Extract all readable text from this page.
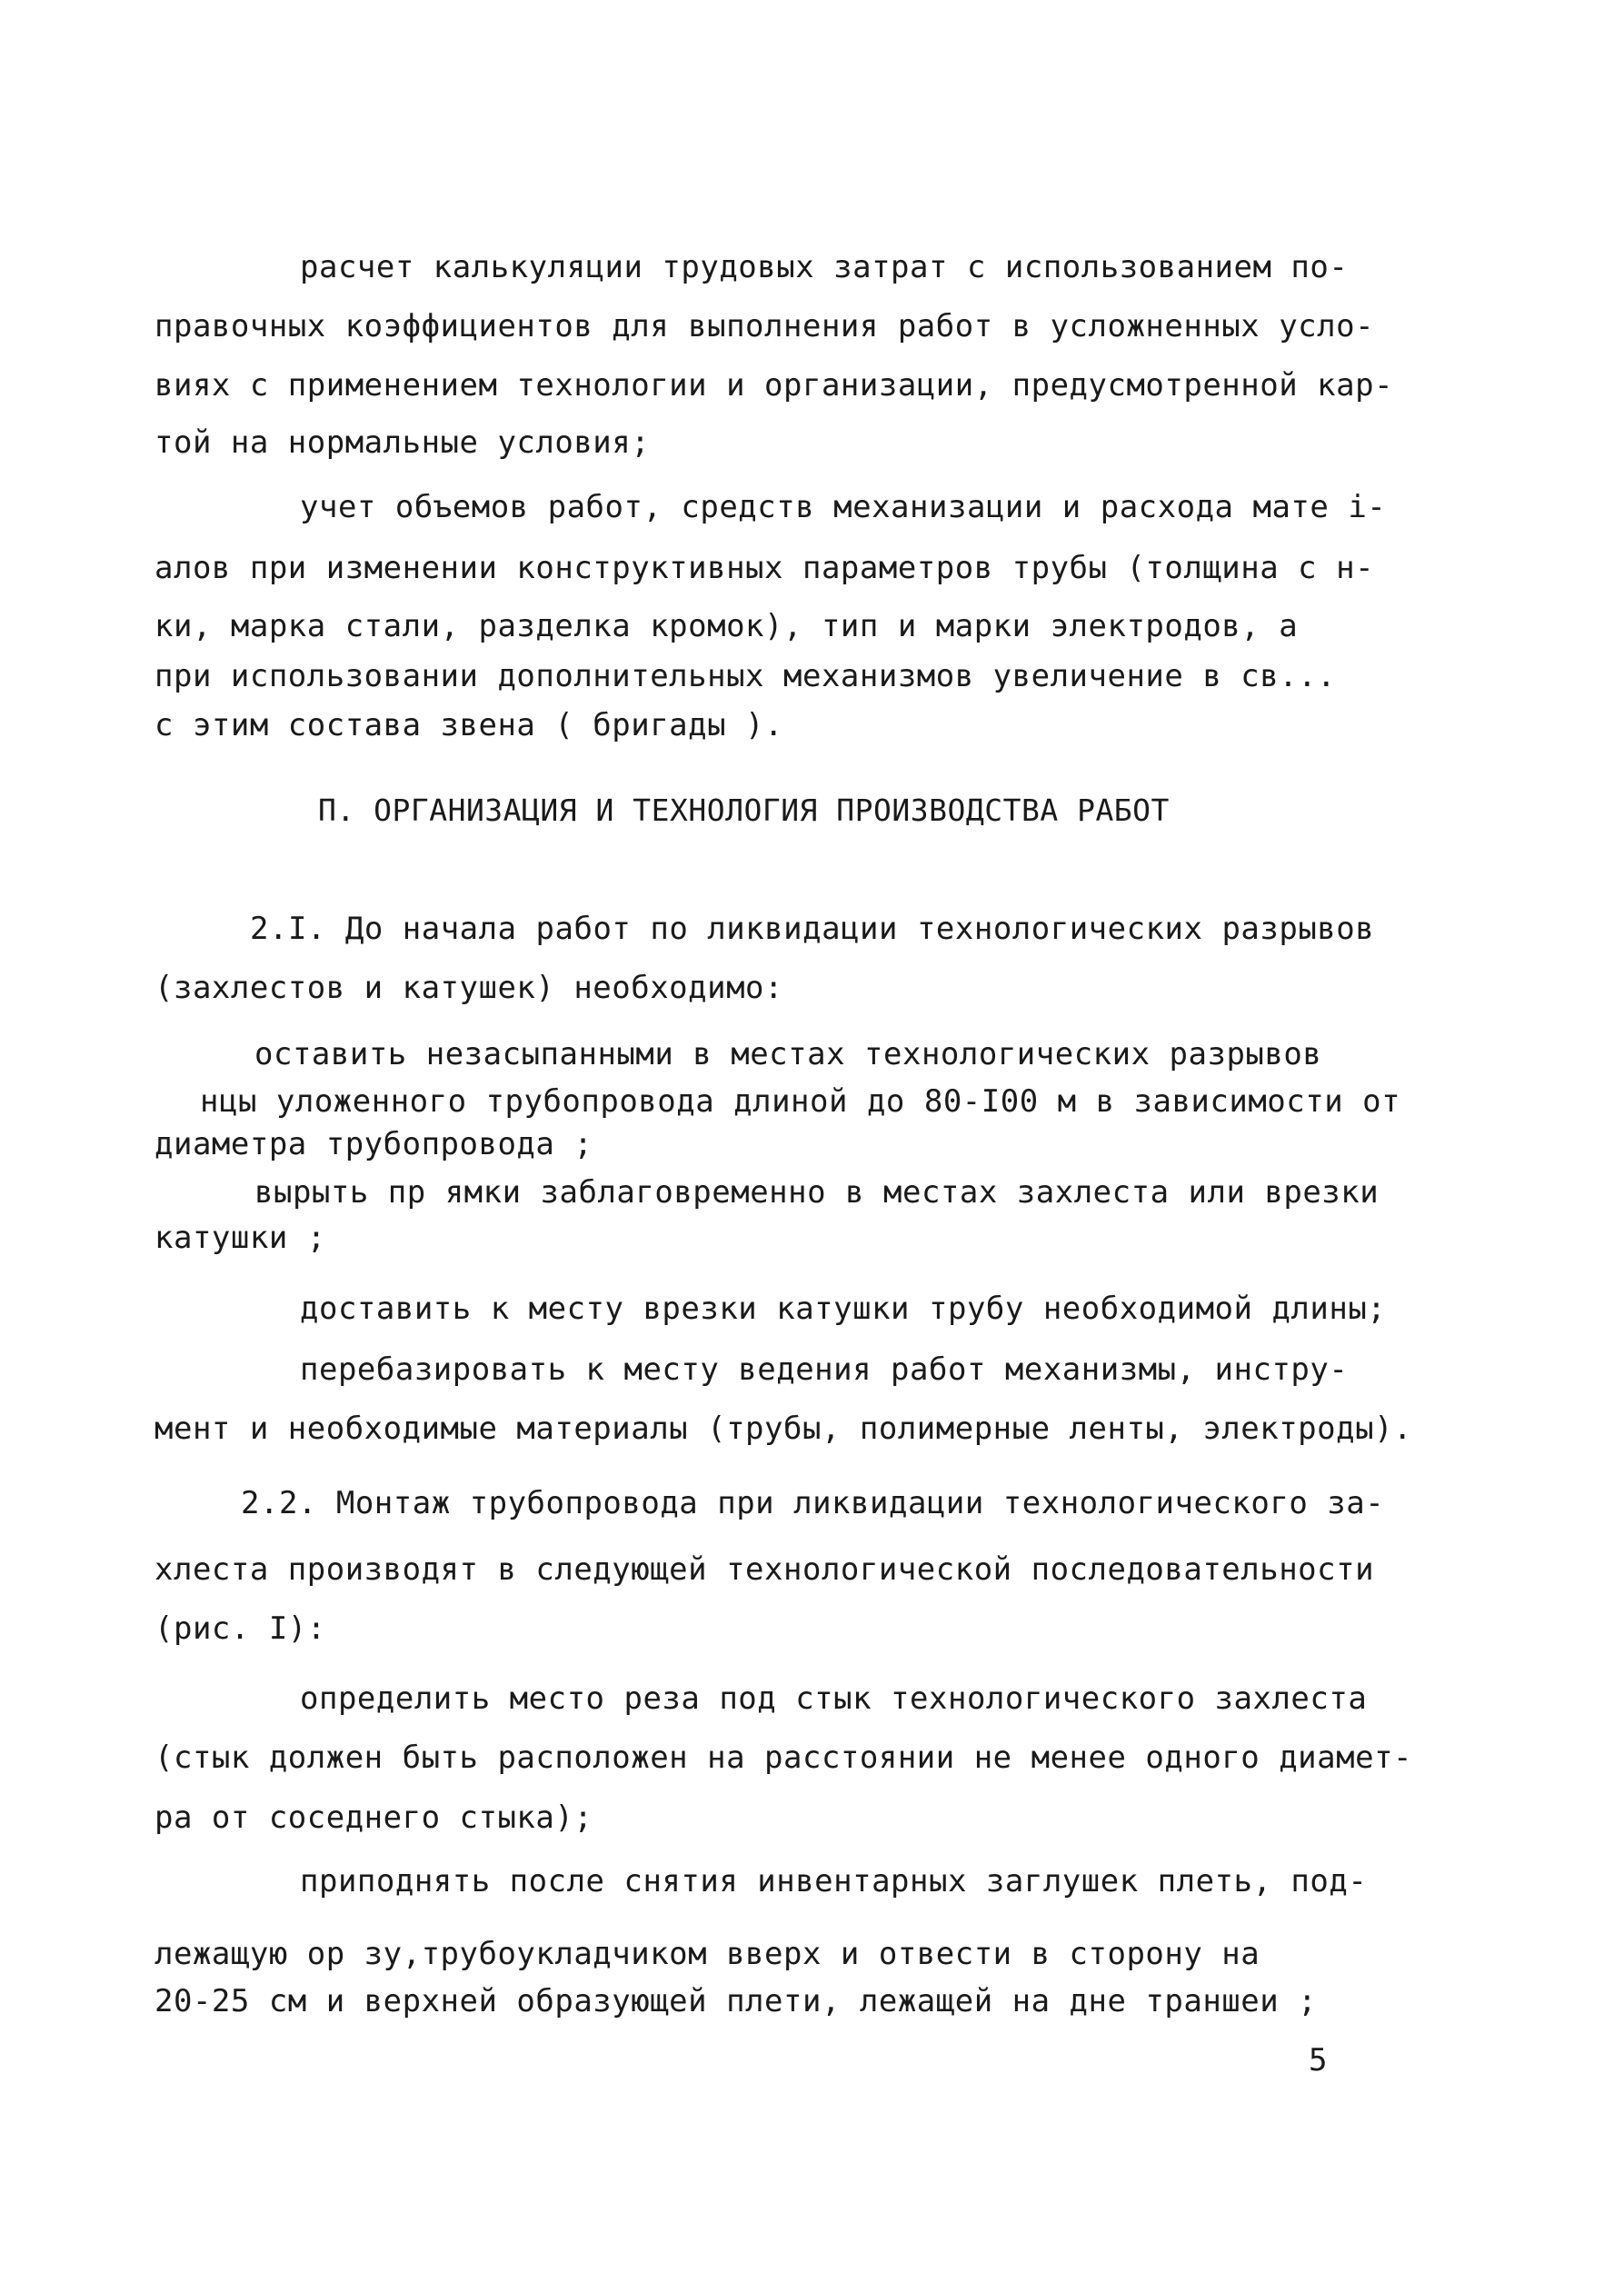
расчет калькуляции трудовых затрат с использованием по-
правочных коэффициентов для выполнения работ в усложненных усло-
виях с применением технологии и организации, предусмотренной кар-
той на нормальные условия;
учет объемов работ, средств механизации и расхода мате і-
алов при изменении конструктивных параметров трубы (толщина с н-
ки, марка стали, разделка кромок), тип и марки электродов, а
при использовании дополнительных механизмов увеличение в св...
с этим состава звена ( бригады ).
П. ОРГАНИЗАЦИЯ И ТЕХНОЛОГИЯ ПРОИЗВОДСТВА РАБОТ
2.I. До начала работ по ликвидации технологических разрывов
(захлестов и катушек) необходимо:
оставить незасыпанными в местах технологических разрывов
нцы уложенного трубопровода длиной до 80-I00 м в зависимости от
диаметра трубопровода ;
вырыть пр ямки заблаговременно в местах захлеста или врезки
катушки ;
доставить к месту врезки катушки трубу необходимой длины;
перебазировать к месту ведения работ механизмы, инстру-
мент и необходимые материалы (трубы, полимерные ленты, электроды).
2.2. Монтаж трубопровода при ликвидации технологического за-
хлеста производят в следующей технологической последовательности
(рис. I):
определить место реза под стык технологического захлеста
(стык должен быть расположен на расстоянии не менее одного диамет-
ра от соседнего стыка);
приподнять после снятия инвентарных заглушек плеть, под-
лежащую ор зу,трубоукладчиком вверх и отвести в сторону на
20-25 см и верхней образующей плети, лежащей на дне траншеи ;
5
